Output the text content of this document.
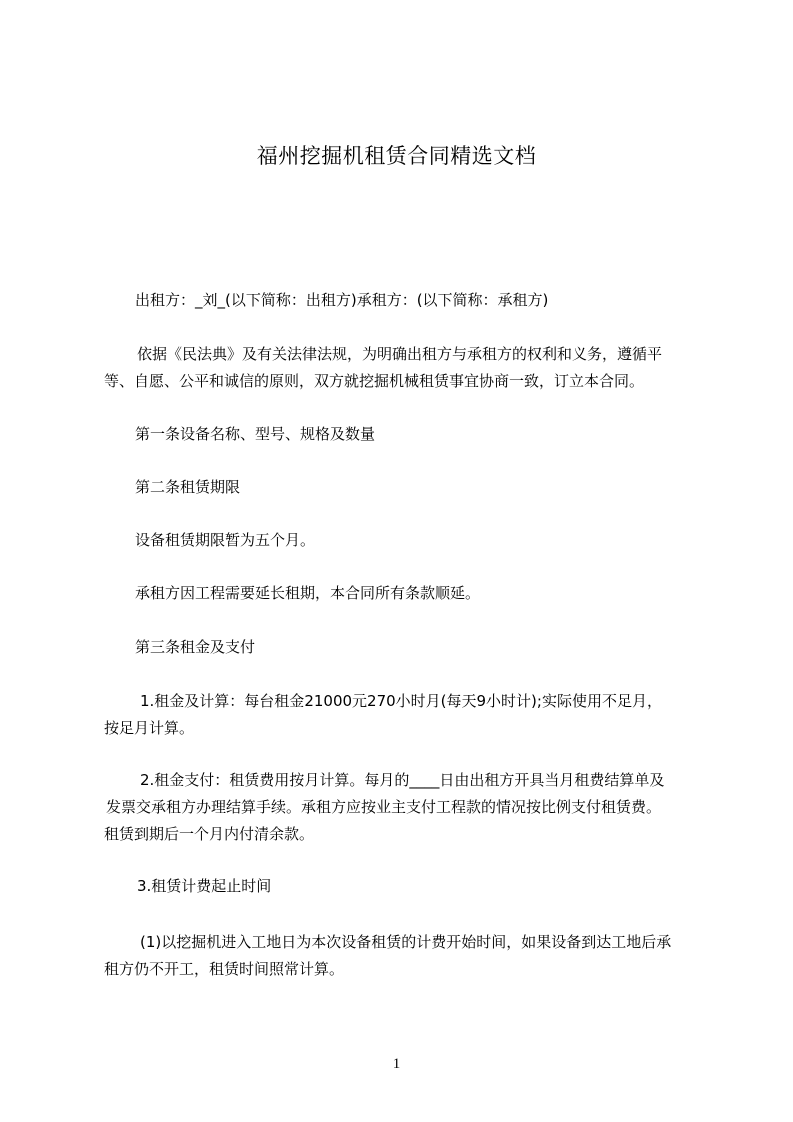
福州挖掘机租赁合同精选文档
出租方：_刘_(以下简称：出租方)承租方：(以下简称：承租方)
依据《民法典》及有关法律法规，为明确出租方与承租方的权利和义务，遵循平
等、自愿、公平和诚信的原则，双方就挖掘机械租赁事宜协商一致，订立本合同。
第一条设备名称、型号、规格及数量
第二条租赁期限
设备租赁期限暂为五个月。
承租方因工程需要延长租期，本合同所有条款顺延。
第三条租金及支付
1.租金及计算：每台租金21000元270小时月(每天9小时计);实际使用不足月，
按足月计算。
2.租金支付：租赁费用按月计算。每月的____日由出租方开具当月租费结算单及
发票交承租方办理结算手续。承租方应按业主支付工程款的情况按比例支付租赁费。
租赁到期后一个月内付清余款。
3.租赁计费起止时间
(1)以挖掘机进入工地日为本次设备租赁的计费开始时间，如果设备到达工地后承
租方仍不开工，租赁时间照常计算。
1
